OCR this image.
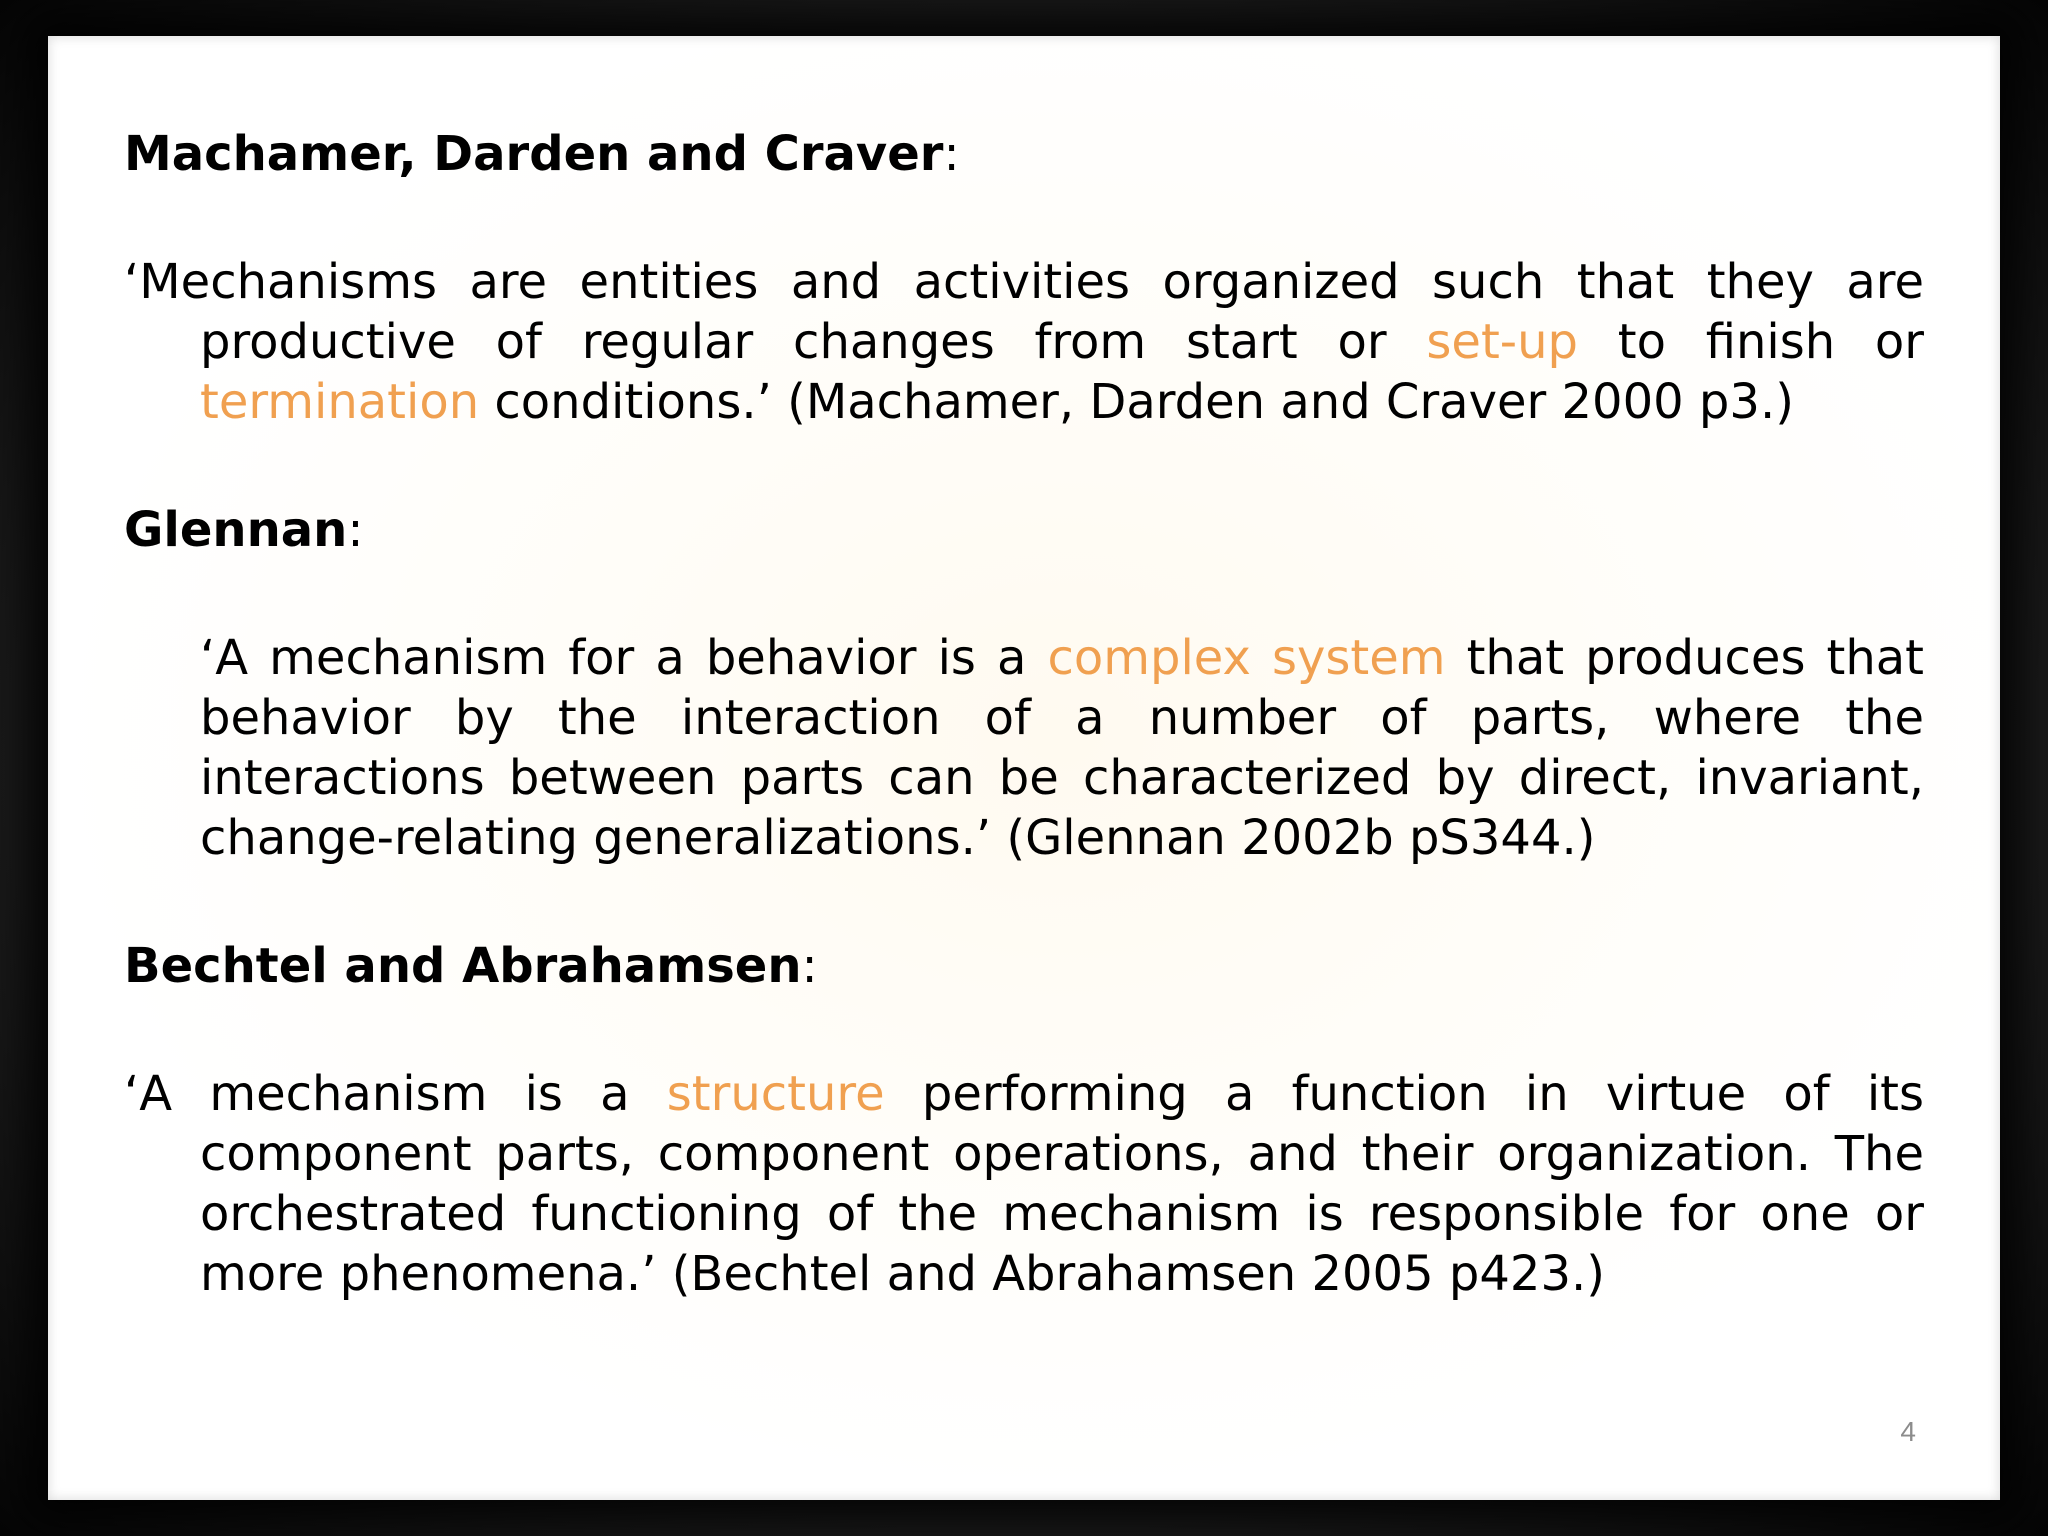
Machamer, Darden and Craver:

‘Mechanisms are entities and activities organized such that they are productive of regular changes from start or set-up to finish or termination conditions.’ (Machamer, Darden and Craver 2000 p3.)

Glennan:

‘A mechanism for a behavior is a complex system that produces that behavior by the interaction of a number of parts, where the interactions between parts can be characterized by direct, invariant, change-relating generalizations.’ (Glennan 2002b pS344.)

Bechtel and Abrahamsen:

‘A mechanism is a structure performing a function in virtue of its component parts, component operations, and their organization. The orchestrated functioning of the mechanism is responsible for one or more phenomena.’ (Bechtel and Abrahamsen 2005 p423.)

4
